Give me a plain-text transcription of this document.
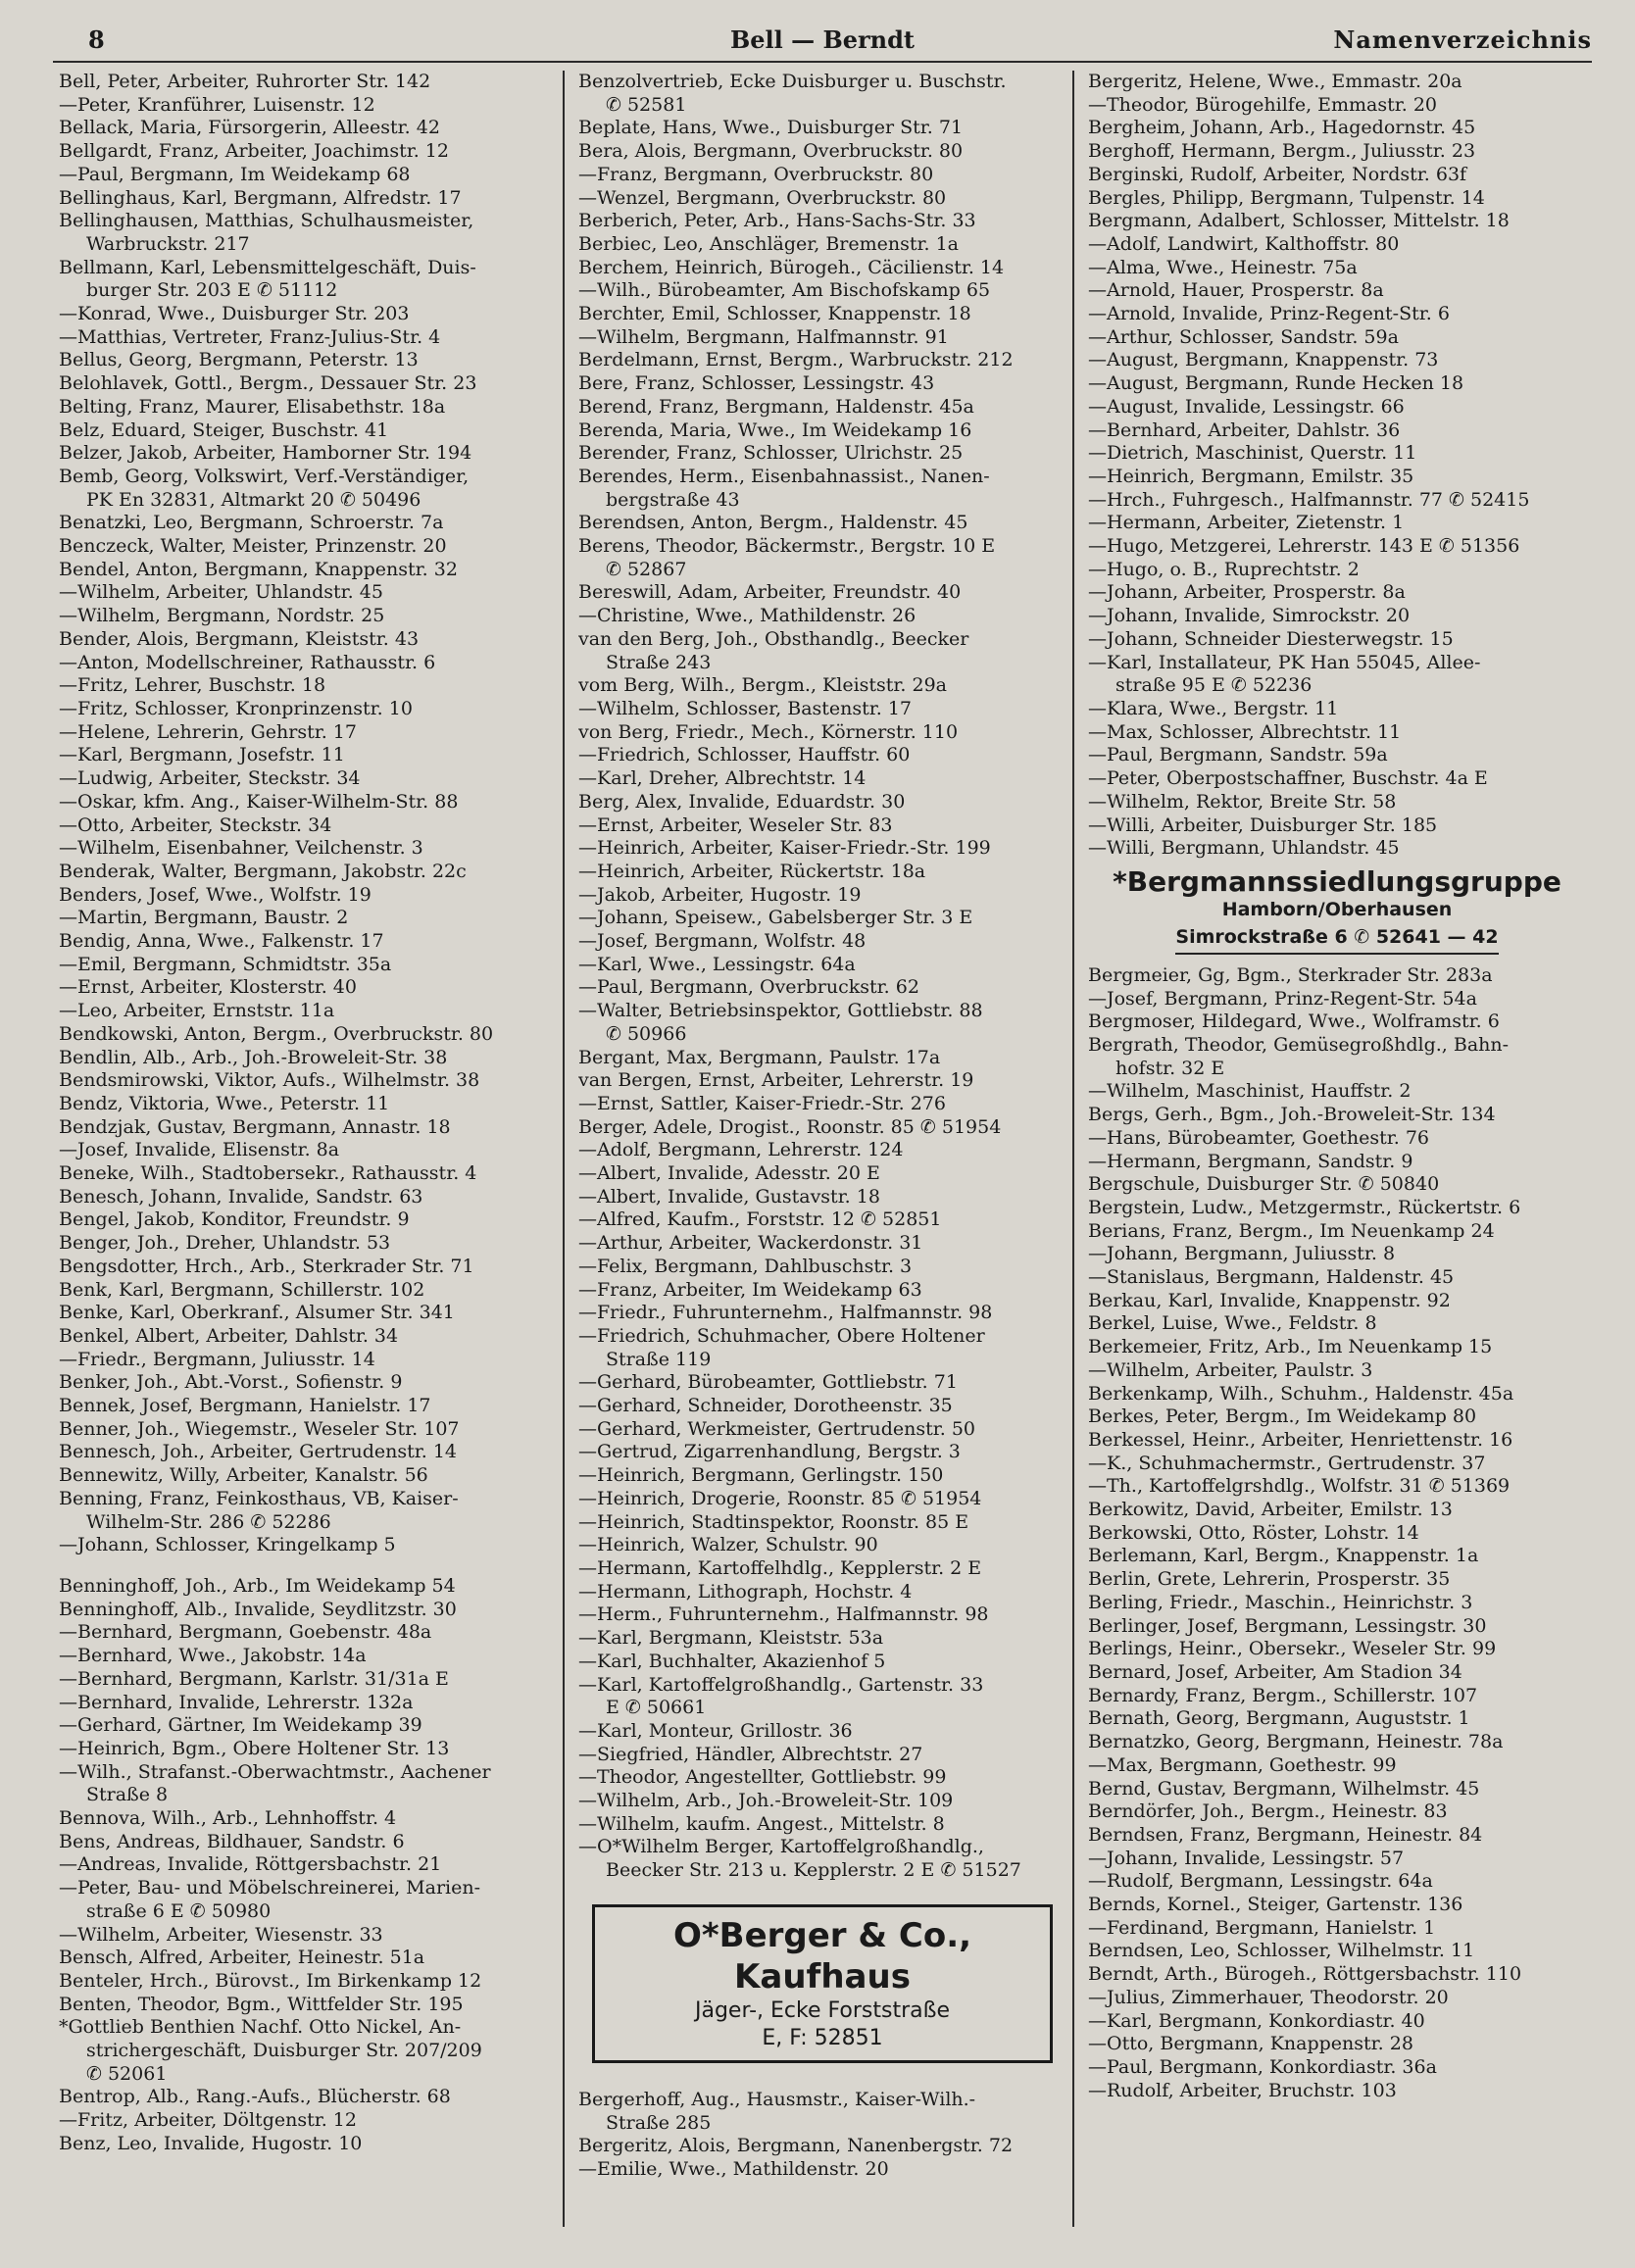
8	Bell — Berndt	Namenverzeichnis
Bell, Peter, Arbeiter, Ruhrorter Str. 142
—Peter, Kranführer, Luisenstr. 12
Bellack, Maria, Fürsorgerin, Alleestr. 42
Bellgardt, Franz, Arbeiter, Joachimstr. 12
—Paul, Bergmann, Im Weidekamp 68
Bellinghaus, Karl, Bergmann, Alfredstr. 17
Bellinghausen, Matthias, Schulhausmeister,
Warbruckstr. 217
Bellmann, Karl, Lebensmittelgeschäft, Duis-
burger Str. 203 E ✆ 51112
—Konrad, Wwe., Duisburger Str. 203
—Matthias, Vertreter, Franz-Julius-Str. 4
Bellus, Georg, Bergmann, Peterstr. 13
Belohlavek, Gottl., Bergm., Dessauer Str. 23
Belting, Franz, Maurer, Elisabethstr. 18a
Belz, Eduard, Steiger, Buschstr. 41
Belzer, Jakob, Arbeiter, Hamborner Str. 194
Bemb, Georg, Volkswirt, Verf.-Verständiger,
PK En 32831, Altmarkt 20 ✆ 50496
Benatzki, Leo, Bergmann, Schroerstr. 7a
Benczeck, Walter, Meister, Prinzenstr. 20
Bendel, Anton, Bergmann, Knappenstr. 32
—Wilhelm, Arbeiter, Uhlandstr. 45
—Wilhelm, Bergmann, Nordstr. 25
Bender, Alois, Bergmann, Kleiststr. 43
—Anton, Modellschreiner, Rathausstr. 6
—Fritz, Lehrer, Buschstr. 18
—Fritz, Schlosser, Kronprinzenstr. 10
—Helene, Lehrerin, Gehrstr. 17
—Karl, Bergmann, Josefstr. 11
—Ludwig, Arbeiter, Steckstr. 34
—Oskar, kfm. Ang., Kaiser-Wilhelm-Str. 88
—Otto, Arbeiter, Steckstr. 34
—Wilhelm, Eisenbahner, Veilchenstr. 3
Benderak, Walter, Bergmann, Jakobstr. 22c
Benders, Josef, Wwe., Wolfstr. 19
—Martin, Bergmann, Baustr. 2
Bendig, Anna, Wwe., Falkenstr. 17
—Emil, Bergmann, Schmidtstr. 35a
—Ernst, Arbeiter, Klosterstr. 40
—Leo, Arbeiter, Ernststr. 11a
Bendkowski, Anton, Bergm., Overbruckstr. 80
Bendlin, Alb., Arb., Joh.-Broweleit-Str. 38
Bendsmirowski, Viktor, Aufs., Wilhelmstr. 38
Bendz, Viktoria, Wwe., Peterstr. 11
Bendzjak, Gustav, Bergmann, Annastr. 18
—Josef, Invalide, Elisenstr. 8a
Beneke, Wilh., Stadtobersekr., Rathausstr. 4
Benesch, Johann, Invalide, Sandstr. 63
Bengel, Jakob, Konditor, Freundstr. 9
Benger, Joh., Dreher, Uhlandstr. 53
Bengsdotter, Hrch., Arb., Sterkrader Str. 71
Benk, Karl, Bergmann, Schillerstr. 102
Benke, Karl, Oberkranf., Alsumer Str. 341
Benkel, Albert, Arbeiter, Dahlstr. 34
—Friedr., Bergmann, Juliusstr. 14
Benker, Joh., Abt.-Vorst., Sofienstr. 9
Bennek, Josef, Bergmann, Hanielstr. 17
Benner, Joh., Wiegemstr., Weseler Str. 107
Bennesch, Joh., Arbeiter, Gertrudenstr. 14
Bennewitz, Willy, Arbeiter, Kanalstr. 56
Benning, Franz, Feinkosthaus, VB, Kaiser-
Wilhelm-Str. 286 ✆ 52286
—Johann, Schlosser, Kringelkamp 5
Benninghoff, Joh., Arb., Im Weidekamp 54
Benninghoff, Alb., Invalide, Seydlitzstr. 30
—Bernhard, Bergmann, Goebenstr. 48a
—Bernhard, Wwe., Jakobstr. 14a
—Bernhard, Bergmann, Karlstr. 31/31a E
—Bernhard, Invalide, Lehrerstr. 132a
—Gerhard, Gärtner, Im Weidekamp 39
—Heinrich, Bgm., Obere Holtener Str. 13
—Wilh., Strafanst.-Oberwachtmstr., Aachener
Straße 8
Bennova, Wilh., Arb., Lehnhoffstr. 4
Bens, Andreas, Bildhauer, Sandstr. 6
—Andreas, Invalide, Röttgersbachstr. 21
—Peter, Bau- und Möbelschreinerei, Marien-
straße 6 E ✆ 50980
—Wilhelm, Arbeiter, Wiesenstr. 33
Bensch, Alfred, Arbeiter, Heinestr. 51a
Benteler, Hrch., Bürovst., Im Birkenkamp 12
Benten, Theodor, Bgm., Wittfelder Str. 195
*Gottlieb Benthien Nachf. Otto Nickel, An-
strichergeschäft, Duisburger Str. 207/209
✆ 52061
Bentrop, Alb., Rang.-Aufs., Blücherstr. 68
—Fritz, Arbeiter, Döltgenstr. 12
Benz, Leo, Invalide, Hugostr. 10
Benzolvertrieb, Ecke Duisburger u. Buschstr.
✆ 52581
Beplate, Hans, Wwe., Duisburger Str. 71
Bera, Alois, Bergmann, Overbruckstr. 80
—Franz, Bergmann, Overbruckstr. 80
—Wenzel, Bergmann, Overbruckstr. 80
Berberich, Peter, Arb., Hans-Sachs-Str. 33
Berbiec, Leo, Anschläger, Bremenstr. 1a
Berchem, Heinrich, Bürogeh., Cäcilienstr. 14
—Wilh., Bürobeamter, Am Bischofskamp 65
Berchter, Emil, Schlosser, Knappenstr. 18
—Wilhelm, Bergmann, Halfmannstr. 91
Berdelmann, Ernst, Bergm., Warbruckstr. 212
Bere, Franz, Schlosser, Lessingstr. 43
Berend, Franz, Bergmann, Haldenstr. 45a
Berenda, Maria, Wwe., Im Weidekamp 16
Berender, Franz, Schlosser, Ulrichstr. 25
Berendes, Herm., Eisenbahnassist., Nanen-
bergstraße 43
Berendsen, Anton, Bergm., Haldenstr. 45
Berens, Theodor, Bäckermstr., Bergstr. 10 E
✆ 52867
Bereswill, Adam, Arbeiter, Freundstr. 40
—Christine, Wwe., Mathildenstr. 26
van den Berg, Joh., Obsthandlg., Beecker
Straße 243
vom Berg, Wilh., Bergm., Kleiststr. 29a
—Wilhelm, Schlosser, Bastenstr. 17
von Berg, Friedr., Mech., Körnerstr. 110
—Friedrich, Schlosser, Hauffstr. 60
—Karl, Dreher, Albrechtstr. 14
Berg, Alex, Invalide, Eduardstr. 30
—Ernst, Arbeiter, Weseler Str. 83
—Heinrich, Arbeiter, Kaiser-Friedr.-Str. 199
—Heinrich, Arbeiter, Rückertstr. 18a
—Jakob, Arbeiter, Hugostr. 19
—Johann, Speisew., Gabelsberger Str. 3 E
—Josef, Bergmann, Wolfstr. 48
—Karl, Wwe., Lessingstr. 64a
—Paul, Bergmann, Overbruckstr. 62
—Walter, Betriebsinspektor, Gottliebstr. 88
✆ 50966
Bergant, Max, Bergmann, Paulstr. 17a
van Bergen, Ernst, Arbeiter, Lehrerstr. 19
—Ernst, Sattler, Kaiser-Friedr.-Str. 276
Berger, Adele, Drogist., Roonstr. 85 ✆ 51954
—Adolf, Bergmann, Lehrerstr. 124
—Albert, Invalide, Adesstr. 20 E
—Albert, Invalide, Gustavstr. 18
—Alfred, Kaufm., Forststr. 12 ✆ 52851
—Arthur, Arbeiter, Wackerdonstr. 31
—Felix, Bergmann, Dahlbuschstr. 3
—Franz, Arbeiter, Im Weidekamp 63
—Friedr., Fuhrunternehm., Halfmannstr. 98
—Friedrich, Schuhmacher, Obere Holtener
Straße 119
—Gerhard, Bürobeamter, Gottliebstr. 71
—Gerhard, Schneider, Dorotheenstr. 35
—Gerhard, Werkmeister, Gertrudenstr. 50
—Gertrud, Zigarrenhandlung, Bergstr. 3
—Heinrich, Bergmann, Gerlingstr. 150
—Heinrich, Drogerie, Roonstr. 85 ✆ 51954
—Heinrich, Stadtinspektor, Roonstr. 85 E
—Heinrich, Walzer, Schulstr. 90
—Hermann, Kartoffelhdlg., Kepplerstr. 2 E
—Hermann, Lithograph, Hochstr. 4
—Herm., Fuhrunternehm., Halfmannstr. 98
—Karl, Bergmann, Kleiststr. 53a
—Karl, Buchhalter, Akazienhof 5
—Karl, Kartoffelgroßhandlg., Gartenstr. 33
E ✆ 50661
—Karl, Monteur, Grillostr. 36
—Siegfried, Händler, Albrechtstr. 27
—Theodor, Angestellter, Gottliebstr. 99
—Wilhelm, Arb., Joh.-Broweleit-Str. 109
—Wilhelm, kaufm. Angest., Mittelstr. 8
—O*Wilhelm Berger, Kartoffelgroßhandlg.,
Beecker Str. 213 u. Kepplerstr. 2 E ✆ 51527
O*Berger & Co., Kaufhaus
Jäger-, Ecke Forststraße
E, F: 52851
Bergerhoff, Aug., Hausmstr., Kaiser-Wilh.-
Straße 285
Bergeritz, Alois, Bergmann, Nanenbergstr. 72
—Emilie, Wwe., Mathildenstr. 20
Bergeritz, Helene, Wwe., Emmastr. 20a
—Theodor, Bürogehilfe, Emmastr. 20
Bergheim, Johann, Arb., Hagedornstr. 45
Berghoff, Hermann, Bergm., Juliusstr. 23
Berginski, Rudolf, Arbeiter, Nordstr. 63f
Bergles, Philipp, Bergmann, Tulpenstr. 14
Bergmann, Adalbert, Schlosser, Mittelstr. 18
—Adolf, Landwirt, Kalthoffstr. 80
—Alma, Wwe., Heinestr. 75a
—Arnold, Hauer, Prosperstr. 8a
—Arnold, Invalide, Prinz-Regent-Str. 6
—Arthur, Schlosser, Sandstr. 59a
—August, Bergmann, Knappenstr. 73
—August, Bergmann, Runde Hecken 18
—August, Invalide, Lessingstr. 66
—Bernhard, Arbeiter, Dahlstr. 36
—Dietrich, Maschinist, Querstr. 11
—Heinrich, Bergmann, Emilstr. 35
—Hrch., Fuhrgesch., Halfmannstr. 77 ✆ 52415
—Hermann, Arbeiter, Zietenstr. 1
—Hugo, Metzgerei, Lehrerstr. 143 E ✆ 51356
—Hugo, o. B., Ruprechtstr. 2
—Johann, Arbeiter, Prosperstr. 8a
—Johann, Invalide, Simrockstr. 20
—Johann, Schneider Diesterwegstr. 15
—Karl, Installateur, PK Han 55045, Allee-
straße 95 E ✆ 52236
—Klara, Wwe., Bergstr. 11
—Max, Schlosser, Albrechtstr. 11
—Paul, Bergmann, Sandstr. 59a
—Peter, Oberpostschaffner, Buschstr. 4a E
—Wilhelm, Rektor, Breite Str. 58
—Willi, Arbeiter, Duisburger Str. 185
—Willi, Bergmann, Uhlandstr. 45
*Bergmannssiedlungsgruppe
Hamborn/Oberhausen
Simrockstraße 6 ✆ 52641 — 42
Bergmeier, Gg, Bgm., Sterkrader Str. 283a
—Josef, Bergmann, Prinz-Regent-Str. 54a
Bergmoser, Hildegard, Wwe., Wolframstr. 6
Bergrath, Theodor, Gemüsegroßhdlg., Bahn-
hofstr. 32 E
—Wilhelm, Maschinist, Hauffstr. 2
Bergs, Gerh., Bgm., Joh.-Broweleit-Str. 134
—Hans, Bürobeamter, Goethestr. 76
—Hermann, Bergmann, Sandstr. 9
Bergschule, Duisburger Str. ✆ 50840
Bergstein, Ludw., Metzgermstr., Rückertstr. 6
Berians, Franz, Bergm., Im Neuenkamp 24
—Johann, Bergmann, Juliusstr. 8
—Stanislaus, Bergmann, Haldenstr. 45
Berkau, Karl, Invalide, Knappenstr. 92
Berkel, Luise, Wwe., Feldstr. 8
Berkemeier, Fritz, Arb., Im Neuenkamp 15
—Wilhelm, Arbeiter, Paulstr. 3
Berkenkamp, Wilh., Schuhm., Haldenstr. 45a
Berkes, Peter, Bergm., Im Weidekamp 80
Berkessel, Heinr., Arbeiter, Henriettenstr. 16
—K., Schuhmachermstr., Gertrudenstr. 37
—Th., Kartoffelgrshdlg., Wolfstr. 31 ✆ 51369
Berkowitz, David, Arbeiter, Emilstr. 13
Berkowski, Otto, Röster, Lohstr. 14
Berlemann, Karl, Bergm., Knappenstr. 1a
Berlin, Grete, Lehrerin, Prosperstr. 35
Berling, Friedr., Maschin., Heinrichstr. 3
Berlinger, Josef, Bergmann, Lessingstr. 30
Berlings, Heinr., Obersekr., Weseler Str. 99
Bernard, Josef, Arbeiter, Am Stadion 34
Bernardy, Franz, Bergm., Schillerstr. 107
Bernath, Georg, Bergmann, Auguststr. 1
Bernatzko, Georg, Bergmann, Heinestr. 78a
—Max, Bergmann, Goethestr. 99
Bernd, Gustav, Bergmann, Wilhelmstr. 45
Berndörfer, Joh., Bergm., Heinestr. 83
Berndsen, Franz, Bergmann, Heinestr. 84
—Johann, Invalide, Lessingstr. 57
—Rudolf, Bergmann, Lessingstr. 64a
Bernds, Kornel., Steiger, Gartenstr. 136
—Ferdinand, Bergmann, Hanielstr. 1
Berndsen, Leo, Schlosser, Wilhelmstr. 11
Berndt, Arth., Bürogeh., Röttgersbachstr. 110
—Julius, Zimmerhauer, Theodorstr. 20
—Karl, Bergmann, Konkordiastr. 40
—Otto, Bergmann, Knappenstr. 28
—Paul, Bergmann, Konkordiastr. 36a
—Rudolf, Arbeiter, Bruchstr. 103
